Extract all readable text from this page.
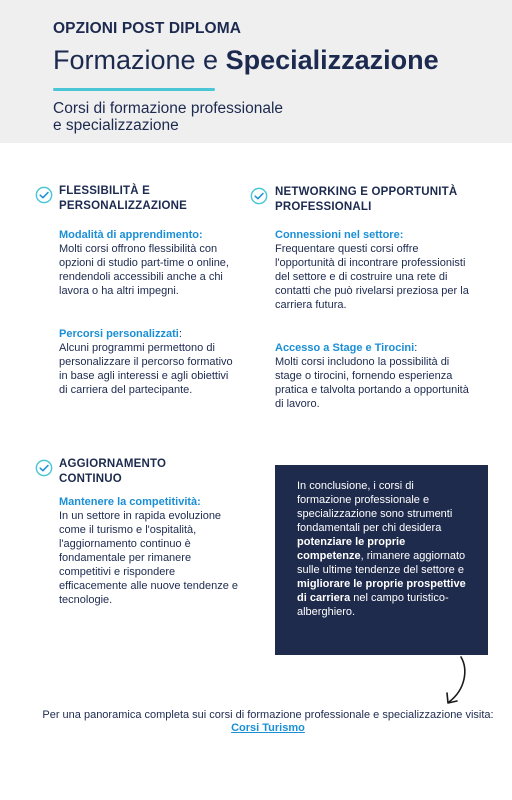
OPZIONI POST DIPLOMA

Formazione e Specializzazione

Corsi di formazione professionale
e specializzazione

FLESSIBILITÀ E
PERSONALIZZAZIONE

Modalità di apprendimento:
Molti corsi offrono flessibilità con opzioni di studio part-time o online, rendendoli accessibili anche a chi lavora o ha altri impegni.

Percorsi personalizzati:
Alcuni programmi permettono di personalizzare il percorso formativo in base agli interessi e agli obiettivi di carriera del partecipante.

NETWORKING E OPPORTUNITÀ
PROFESSIONALI

Connessioni nel settore:
Frequentare questi corsi offre l'opportunità di incontrare professionisti del settore e di costruire una rete di contatti che può rivelarsi preziosa per la carriera futura.

Accesso a Stage e Tirocini:
Molti corsi includono la possibilità di stage o tirocini, fornendo esperienza pratica e talvolta portando a opportunità di lavoro.

AGGIORNAMENTO
CONTINUO

Mantenere la competitività:
In un settore in rapida evoluzione come il turismo e l'ospitalità, l'aggiornamento continuo è fondamentale per rimanere competitivi e rispondere efficacemente alle nuove tendenze e tecnologie.

In conclusione, i corsi di formazione professionale e specializzazione sono strumenti fondamentali per chi desidera potenziare le proprie competenze, rimanere aggiornato sulle ultime tendenze del settore e migliorare le proprie prospettive di carriera nel campo turistico-alberghiero.

Per una panoramica completa sui corsi di formazione professionale e specializzazione visita: Corsi Turismo
